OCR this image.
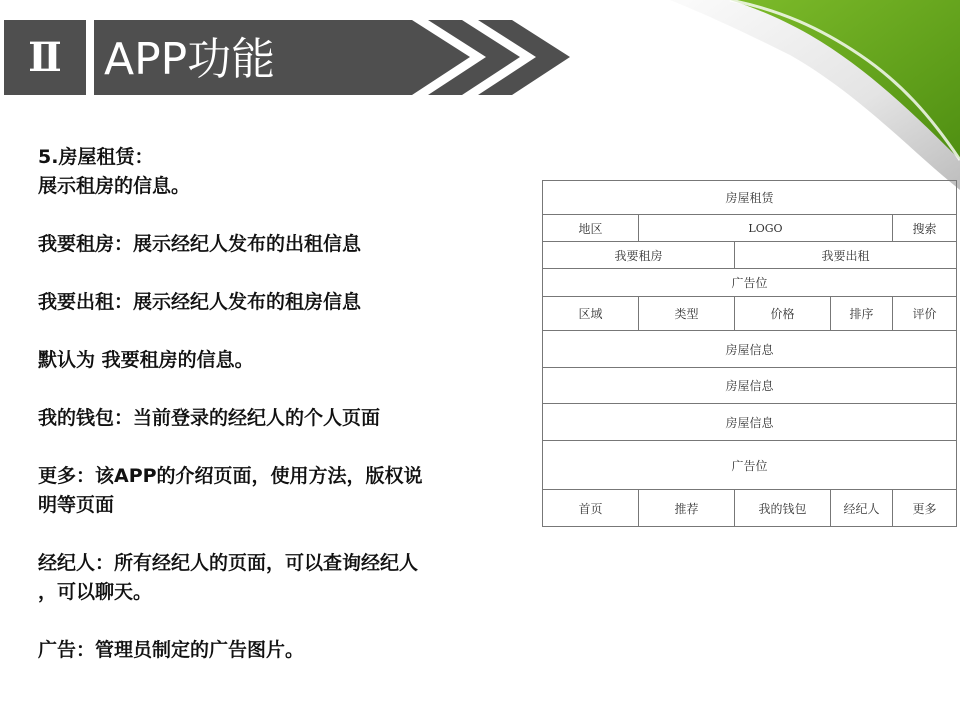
Ⅱ APP功能

5.房屋租赁：

展示租房的信息。

我要租房：展示经纪人发布的出租信息

我要出租：展示经纪人发布的租房信息

默认为 我要租房的信息。

我的钱包：当前登录的经纪人的个人页面

更多：该APP的介绍页面，使用方法，版权说
明等页面

经纪人：所有经纪人的页面，可以查询经纪人
，可以聊天。

广告：管理员制定的广告图片。

房屋租赁				
地区	LOGO			搜索
我要租房		我要出租		
广告位				
区域	类型	价格	排序	评价
房屋信息				
房屋信息				
房屋信息				
广告位				
首页	推荐	我的钱包	经纪人	更多
